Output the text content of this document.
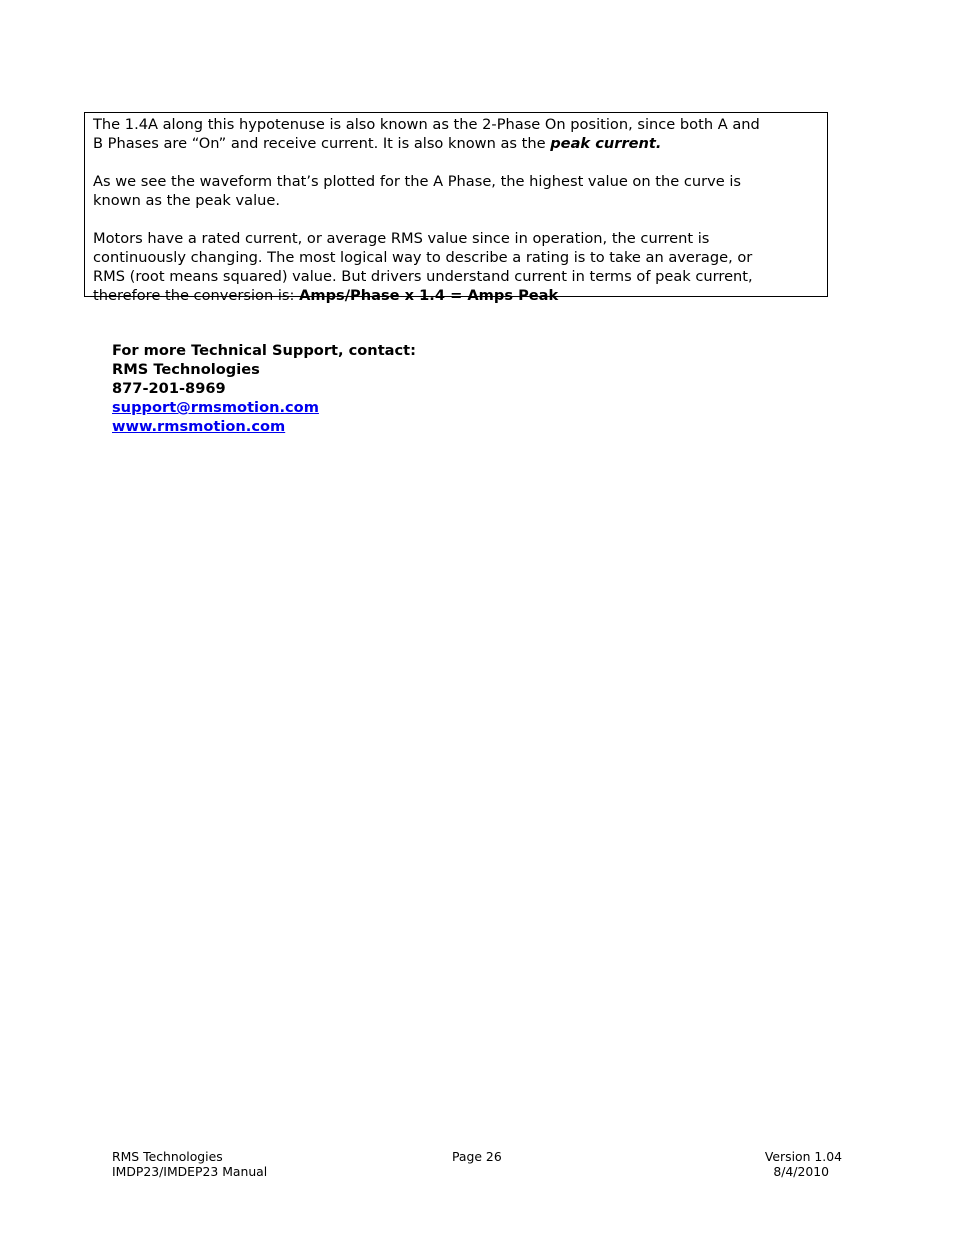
The 1.4A along this hypotenuse is also known as the 2-Phase On position, since both A and
B Phases are “On” and receive current. It is also known as the peak current.

As we see the waveform that’s plotted for the A Phase, the highest value on the curve is
known as the peak value.

Motors have a rated current, or average RMS value since in operation, the current is
continuously changing. The most logical way to describe a rating is to take an average, or
RMS (root means squared) value. But drivers understand current in terms of peak current,
therefore the conversion is: Amps/Phase x 1.4 = Amps Peak

For more Technical Support, contact:
RMS Technologies
877-201-8969
support@rmsmotion.com
www.rmsmotion.com
RMS Technologies
IMDP23/IMDEP23 Manual
Page 26	Version 1.04
8/4/2010
